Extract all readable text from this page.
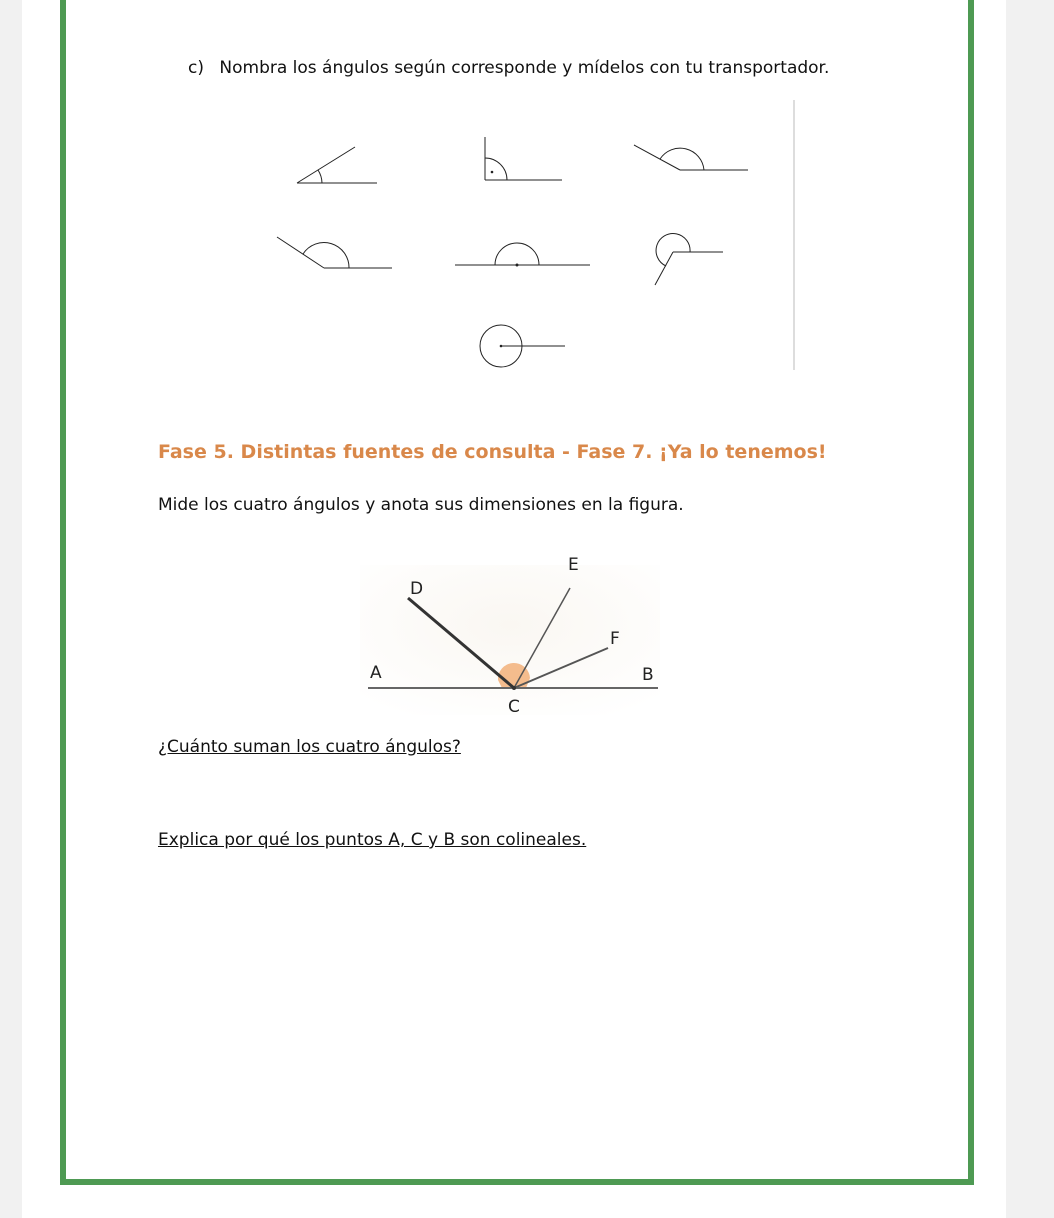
c) Nombra los ángulos según corresponde y mídelos con tu transportador.
Fase 5. Distintas fuentes de consulta - Fase 7. ¡Ya lo tenemos!
Mide los cuatro ángulos y anota sus dimensiones en la figura.
E
D
F
A	B
C
¿Cuánto suman los cuatro ángulos?
Explica por qué los puntos A, C y B son colineales.
